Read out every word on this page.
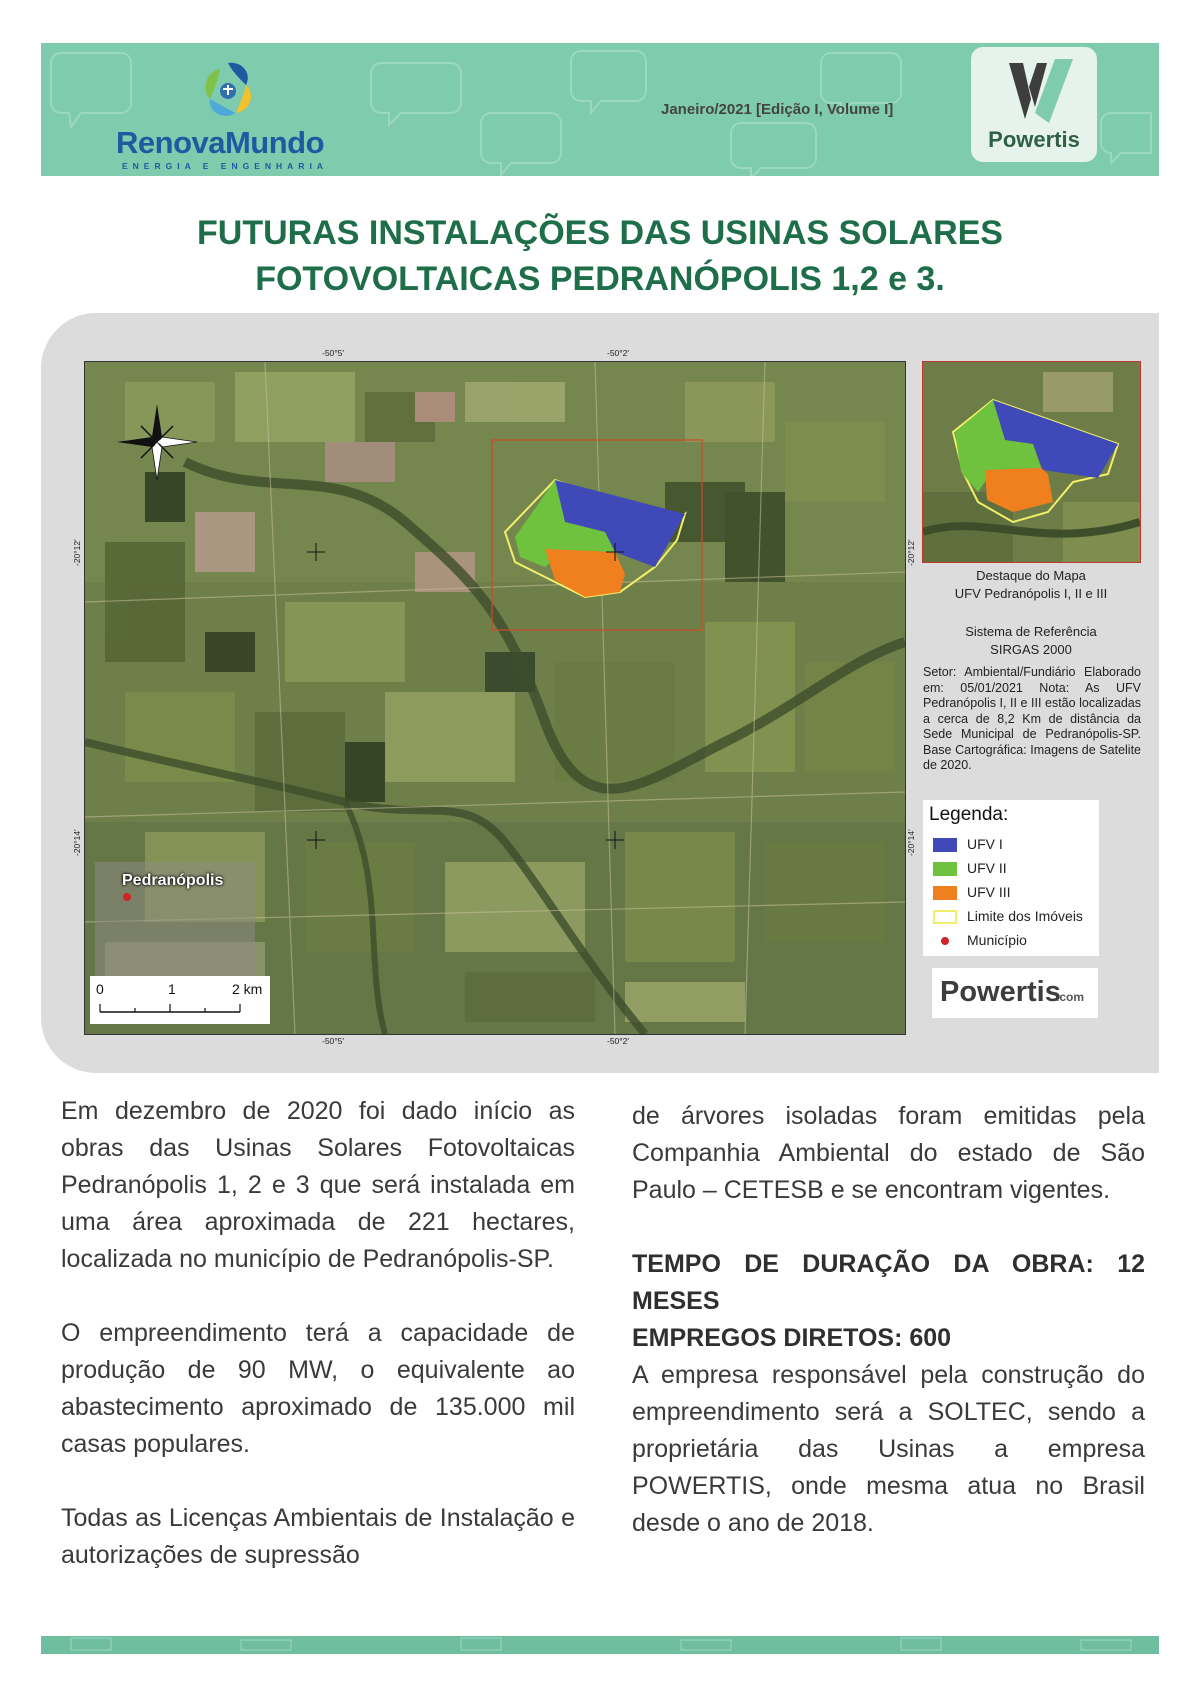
RenovaMundo
ENERGIA E ENGENHARIA
Janeiro/2021 [Edição I, Volume I]
Powertis
FUTURAS INSTALAÇÕES DAS USINAS SOLARES
FOTOVOLTAICAS PEDRANÓPOLIS 1,2 e 3.
-50°5′	-50°2′
-50°5′	-50°2′
-20°12′
-20°14′
-20°12′
-20°14′
Pedranópolis
0	1	2 km
Destaque do Mapa
UFV Pedranópolis I, II e III
Sistema de Referência
SIRGAS 2000
Setor: Ambiental/Fundiário Elaborado em: 05/01/2021 Nota: As UFV Pedranópolis I, II e III estão localizadas a cerca de 8,2 Km de distância da Sede Municipal de Pedranópolis-SP. Base Cartográfica: Imagens de Satelite de 2020.
Legenda:
UFV I
UFV II
UFV III
Limite dos Imóveis
Município
Powertis
.com

Em dezembro de 2020 foi dado início as obras das Usinas Solares Fotovoltaicas Pedranópolis 1, 2 e 3 que será instalada em uma área aproximada de 221 hectares, localizada no município de Pedranópolis-SP.

O empreendimento terá a capacidade de produção de 90 MW, o equivalente ao abastecimento aproximado de 135.000 mil casas populares.

Todas as Licenças Ambientais de Instalação e autorizações de supressão

de árvores isoladas foram emitidas pela Companhia Ambiental do estado de São Paulo – CETESB e se encontram vigentes.

TEMPO DE DURAÇÃO DA OBRA: 12 MESES

EMPREGOS DIRETOS: 600

A empresa responsável pela construção do empreendimento será a SOLTEC, sendo a proprietária das Usinas a empresa POWERTIS, onde mesma atua no Brasil desde o ano de 2018.
